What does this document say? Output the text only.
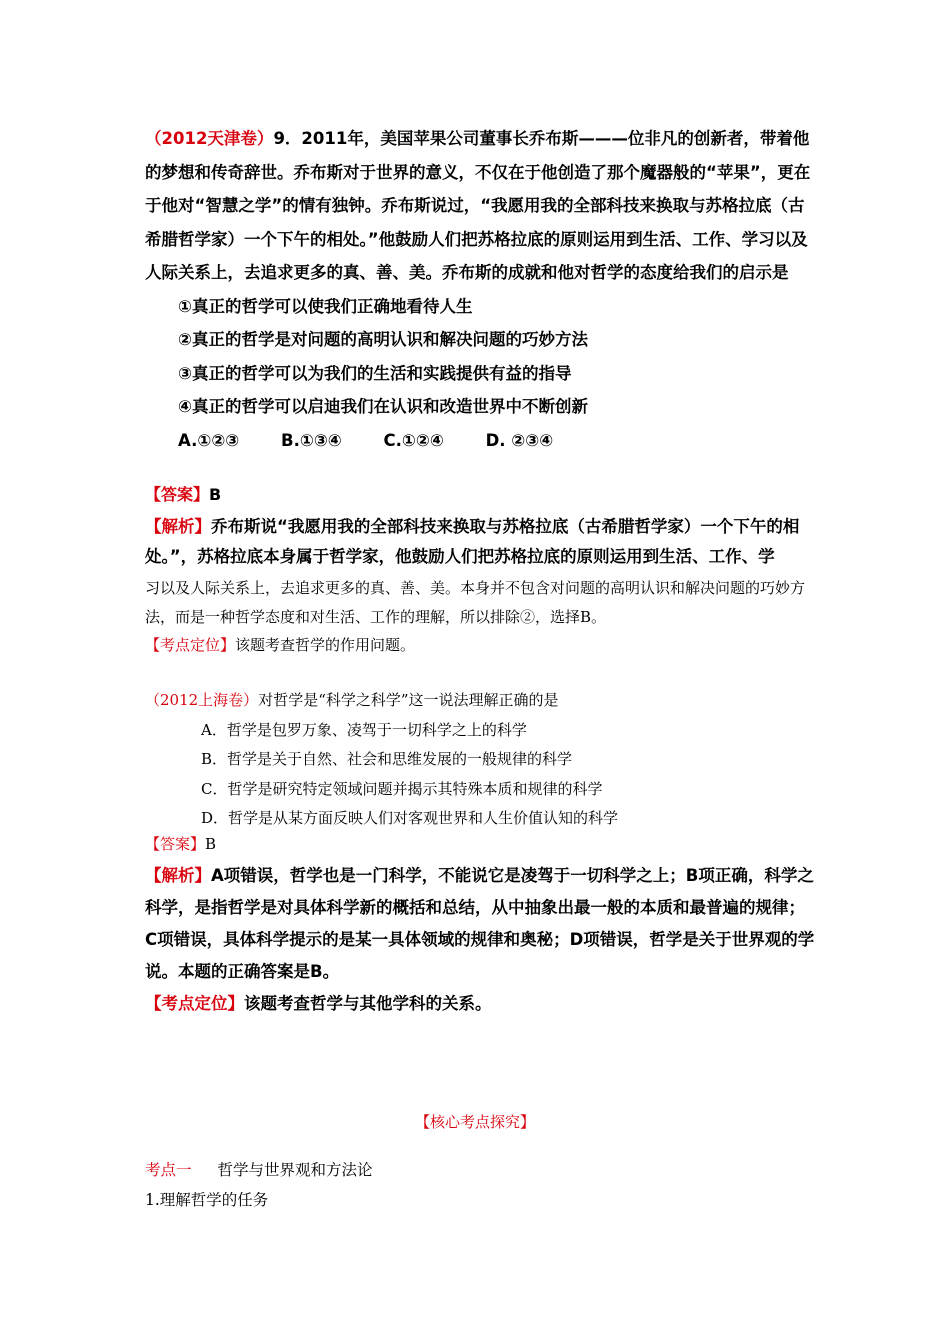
（2012天津卷）9．2011年，美国苹果公司董事长乔布斯———位非凡的创新者，带着他的梦想和传奇辞世。乔布斯对于世界的意义，不仅在于他创造了那个魔器般的“苹果”，更在于他对“智慧之学”的情有独钟。乔布斯说过，“我愿用我的全部科技来换取与苏格拉底（古希腊哲学家）一个下午的相处。”他鼓励人们把苏格拉底的原则运用到生活、工作、学习以及人际关系上，去追求更多的真、善、美。乔布斯的成就和他对哲学的态度给我们的启示是

①真正的哲学可以使我们正确地看待人生

②真正的哲学是对问题的高明认识和解决问题的巧妙方法

③真正的哲学可以为我们的生活和实践提供有益的指导

④真正的哲学可以启迪我们在认识和改造世界中不断创新

A.①②③	B.①③④	C.①②④	D. ②③④

【答案】B
【解析】乔布斯说“我愿用我的全部科技来换取与苏格拉底（古希腊哲学家）一个下午的相处。”，苏格拉底本身属于哲学家，他鼓励人们把苏格拉底的原则运用到生活、工作、学
习以及人际关系上，去追求更多的真、善、美。本身并不包含对问题的高明认识和解决问题的巧妙方法，而是一种哲学态度和对生活、工作的理解，所以排除②，选择B。
【考点定位】该题考查哲学的作用问题。

（2012上海卷）对哲学是“科学之科学”这一说法理解正确的是

A．哲学是包罗万象、凌驾于一切科学之上的科学

B．哲学是关于自然、社会和思维发展的一般规律的科学

C．哲学是研究特定领域问题并揭示其特殊本质和规律的科学

D．哲学是从某方面反映人们对客观世界和人生价值认知的科学

【答案】B
【解析】A项错误，哲学也是一门科学，不能说它是凌驾于一切科学之上；B项正确，科学之科学，是指哲学是对具体科学新的概括和总结，从中抽象出最一般的本质和最普遍的规律；C项错误，具体科学提示的是某一具体领域的规律和奥秘；D项错误，哲学是关于世界观的学说。本题的正确答案是B。
【考点定位】该题考查哲学与其他学科的关系。
【核心考点探究】
考点一 哲学与世界观和方法论
1.理解哲学的任务
